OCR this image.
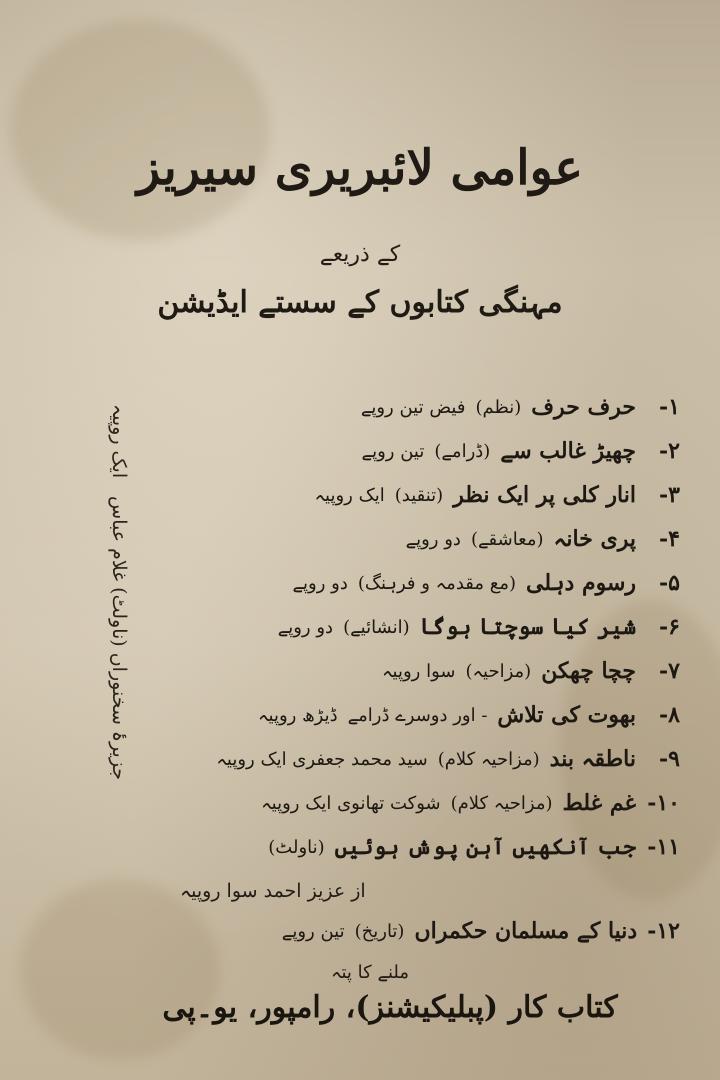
عوامی لائبریری سیریز
کے ذریعے
مہنگی کتابوں کے سستے ایڈیشن
جزیرۂ سخنوراں (ناولٹ) غلام عباس
ایک روپیہ	۱-
حرف حرف
(نظم)
فیض تین روپے
۲-
چھیڑ غالب سے
(ڈرامے)
تین روپے
۳-
انار کلی پر ایک نظر
(تنقید)
ایک روپیہ
۴-
پری خانہ
(معاشقے)
دو روپے
۵-
رسوم دہلی
(مع مقدمہ و فرہنگ)
دو روپے
۶-
شیر کیا سوچتا ہوگا
(انشائیے)
دو روپے
۷-
چچا چھکن
(مزاحیہ)
سوا روپیہ
۸-
بھوت کی تلاش
- اور دوسرے ڈرامے
ڈیڑھ روپیہ
۹-
ناطقہ بند
(مزاحیہ کلام)
سید محمد جعفری ایک روپیہ
۱۰-
غم غلط
(مزاحیہ کلام)
شوکت تھانوی ایک روپیہ
۱۱-
جب آنکھیں آہن پوش ہوئیں
(ناولٹ)
از عزیز احمد سوا روپیہ
۱۲-
دنیا کے مسلمان حکمراں
(تاریخ)
تین روپے
ملنے کا پتہ
کتاب کار (پبلیکیشنز)، رامپور، یو۔پی
